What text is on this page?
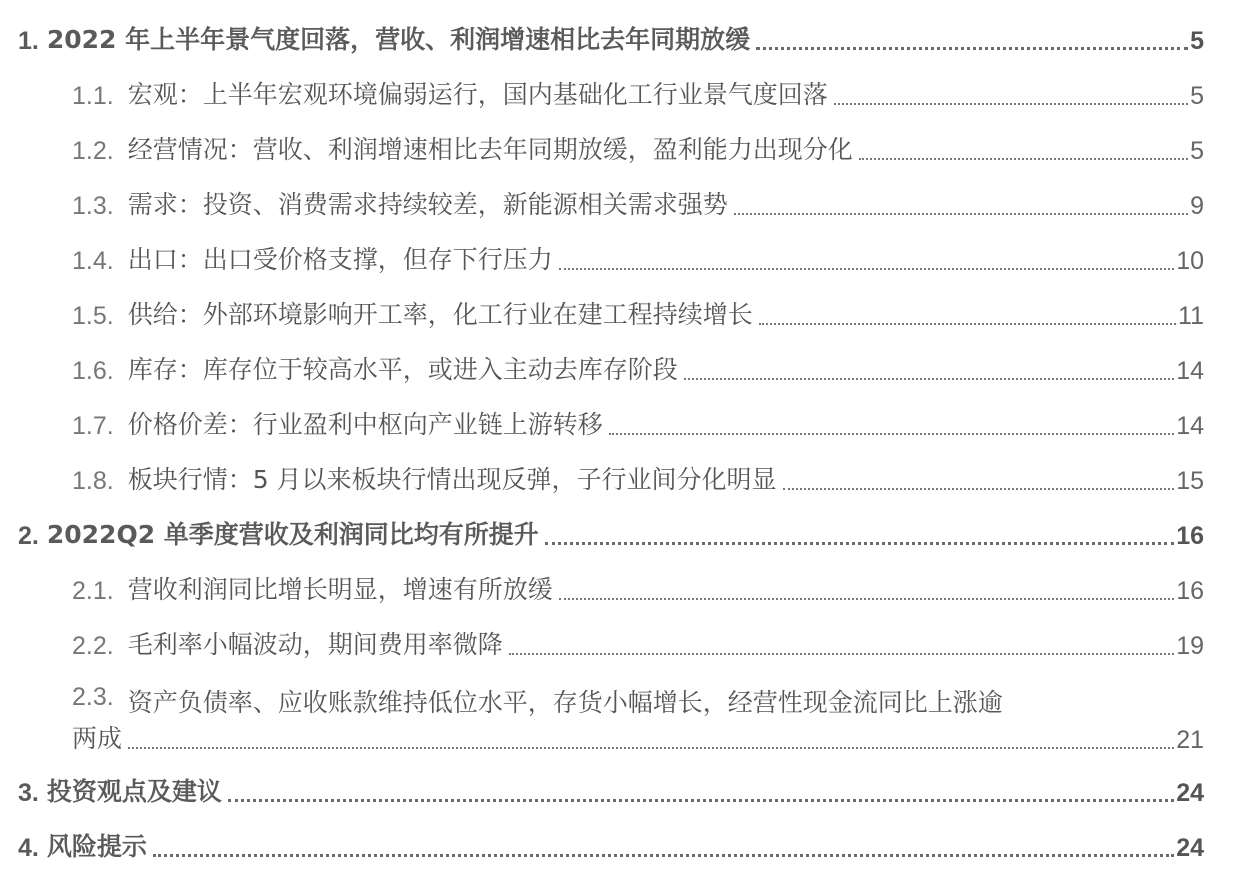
1. 2022 年上半年景气度回落，营收、利润增速相比去年同期放缓	5
1.1. 宏观：上半年宏观环境偏弱运行，国内基础化工行业景气度回落	5
1.2. 经营情况：营收、利润增速相比去年同期放缓，盈利能力出现分化	5
1.3. 需求：投资、消费需求持续较差，新能源相关需求强势	9
1.4. 出口：出口受价格支撑，但存下行压力	10
1.5. 供给：外部环境影响开工率，化工行业在建工程持续增长	11
1.6. 库存：库存位于较高水平，或进入主动去库存阶段	14
1.7. 价格价差：行业盈利中枢向产业链上游转移	14
1.8. 板块行情：5 月以来板块行情出现反弹，子行业间分化明显	15
2. 2022Q2 单季度营收及利润同比均有所提升	16
2.1. 营收利润同比增长明显，增速有所放缓	16
2.2. 毛利率小幅波动，期间费用率微降	19
2.3. 资产负债率、应收账款维持低位水平，存货小幅增长，经营性现金流同比上涨逾
两成	21
3. 投资观点及建议	24
4. 风险提示	24
